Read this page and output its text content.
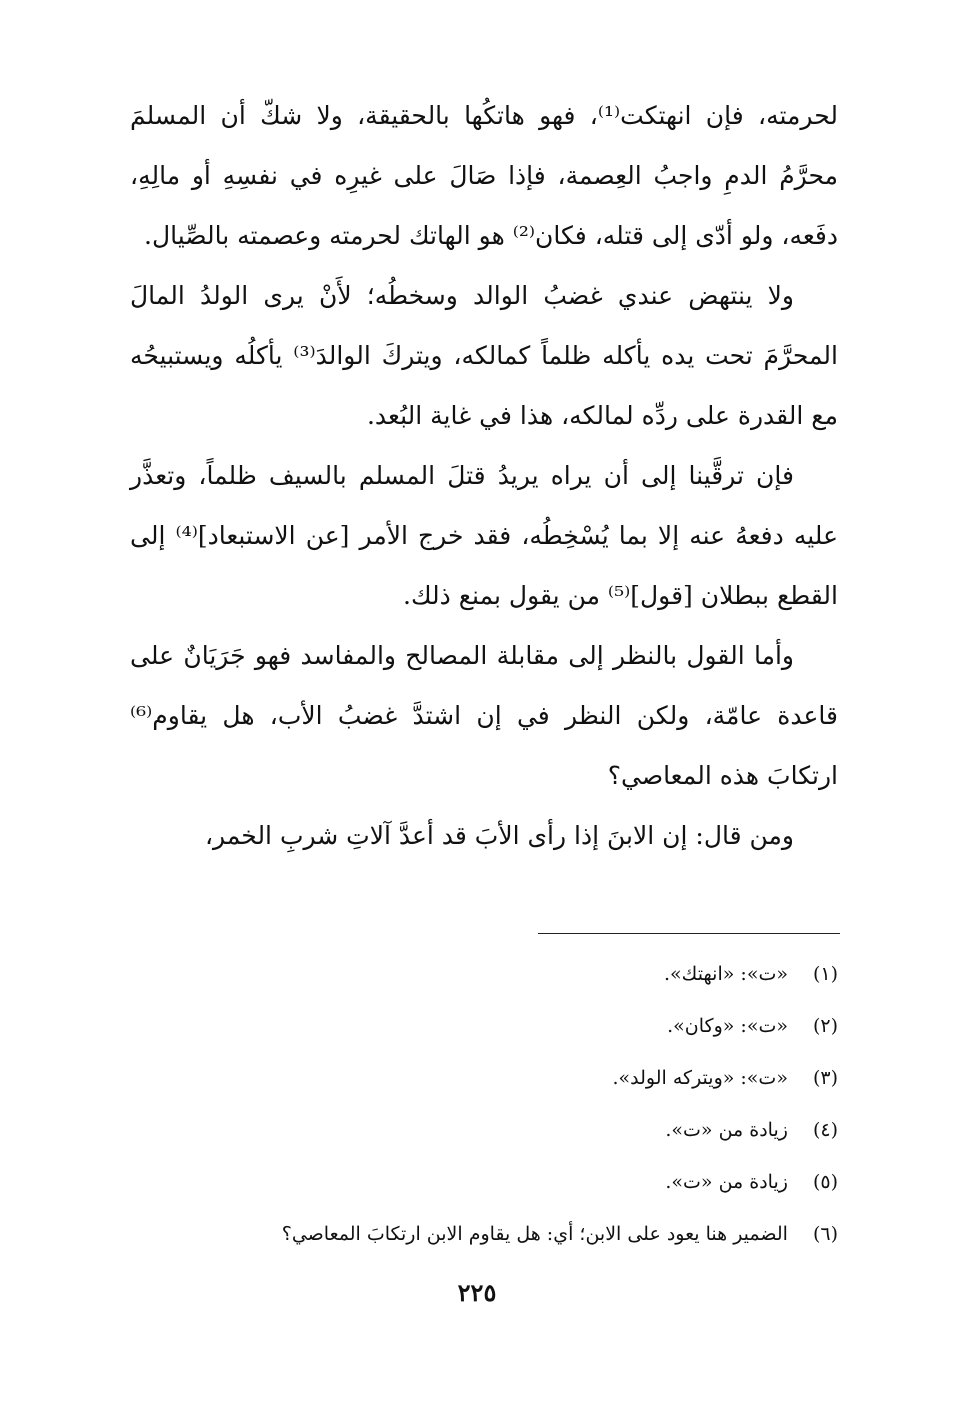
لحرمته، فإن انهتكت⁽¹⁾، فهو هاتكُها بالحقيقة، ولا شكّ أن المسلمَ محرَّمُ الدمِ واجبُ العِصمة، فإذا صَالَ على غيرِه في نفسِهِ أو مالِهِ، دفَعه، ولو أدّى إلى قتله، فكان⁽²⁾ هو الهاتك لحرمته وعصمته بالصِّيال.

ولا ينتهض عندي غضبُ الوالد وسخطُه؛ لأَنْ يرى الولدُ المالَ المحرَّمَ تحت يده يأكله ظلماً كمالكه، ويتركَ الوالدَ⁽³⁾ يأكلُه ويستبيحُه مع القدرة على ردِّه لمالكه، هذا في غاية البُعد.

فإن ترقَّينا إلى أن يراه يريدُ قتلَ المسلم بالسيف ظلماً، وتعذَّر عليه دفعهُ عنه إلا بما يُسْخِطُه، فقد خرج الأمر [عن الاستبعاد]⁽⁴⁾ إلى القطع ببطلان [قول]⁽⁵⁾ من يقول بمنع ذلك.

وأما القول بالنظر إلى مقابلة المصالح والمفاسد فهو جَرَيَانٌ على قاعدة عامّة، ولكن النظر في إن اشتدَّ غضبُ الأب، هل يقاوم⁽⁶⁾ ارتكابَ هذه المعاصي؟

ومن قال: إن الابنَ إذا رأى الأبَ قد أعدَّ آلاتِ شربِ الخمر،

(١) «ت»: «انهتك».
(٢) «ت»: «وكان».
(٣) «ت»: «ويتركه الولد».
(٤) زيادة من «ت».
(٥) زيادة من «ت».
(٦) الضمير هنا يعود على الابن؛ أي: هل يقاوم الابن ارتكابَ المعاصي؟
٢٢٥
